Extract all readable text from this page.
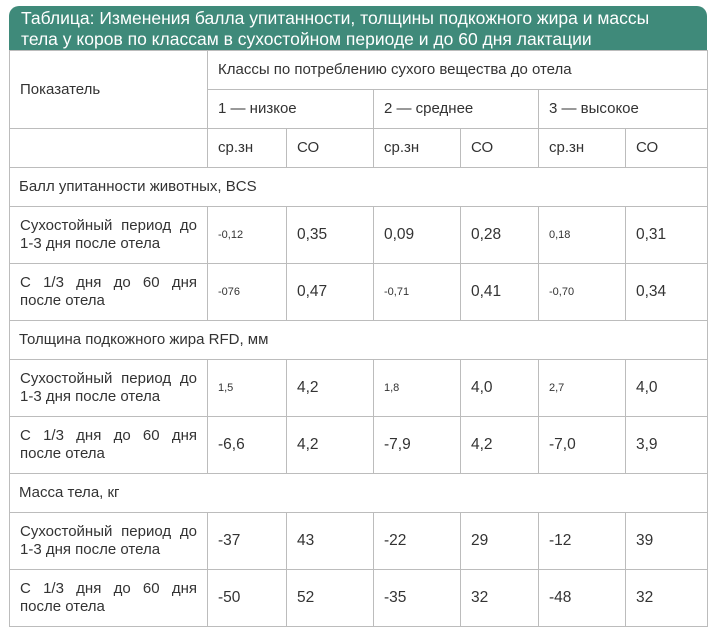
Таблица: Изменения балла упитанности, толщины подкожного жира и массы
тела у коров по классам в сухостойном периоде и до 60 дня лактации
Показатель	Классы по потреблению сухого вещества до отела					
	1 — низкое		2 — среднее		3 — высокое	
	ср.зн	СО	ср.зн	СО	ср.зн	СО
Балл упитанности животных, BCS						
Сухостойный период до 1-3 дня после отела	-0,12	0,35	0,09	0,28	0,18	0,31
С 1/3 дня до 60 дня после отела	-076	0,47	-0,71	0,41	-0,70	0,34
Толщина подкожного жира RFD, мм						
Сухостойный период до 1-3 дня после отела	1,5	4,2	1,8	4,0	2,7	4,0
С 1/3 дня до 60 дня после отела	-6,6	4,2	-7,9	4,2	-7,0	3,9
Масса тела, кг						
Сухостойный период до 1-3 дня после отела	-37	43	-22	29	-12	39
С 1/3 дня до 60 дня после отела	-50	52	-35	32	-48	32
